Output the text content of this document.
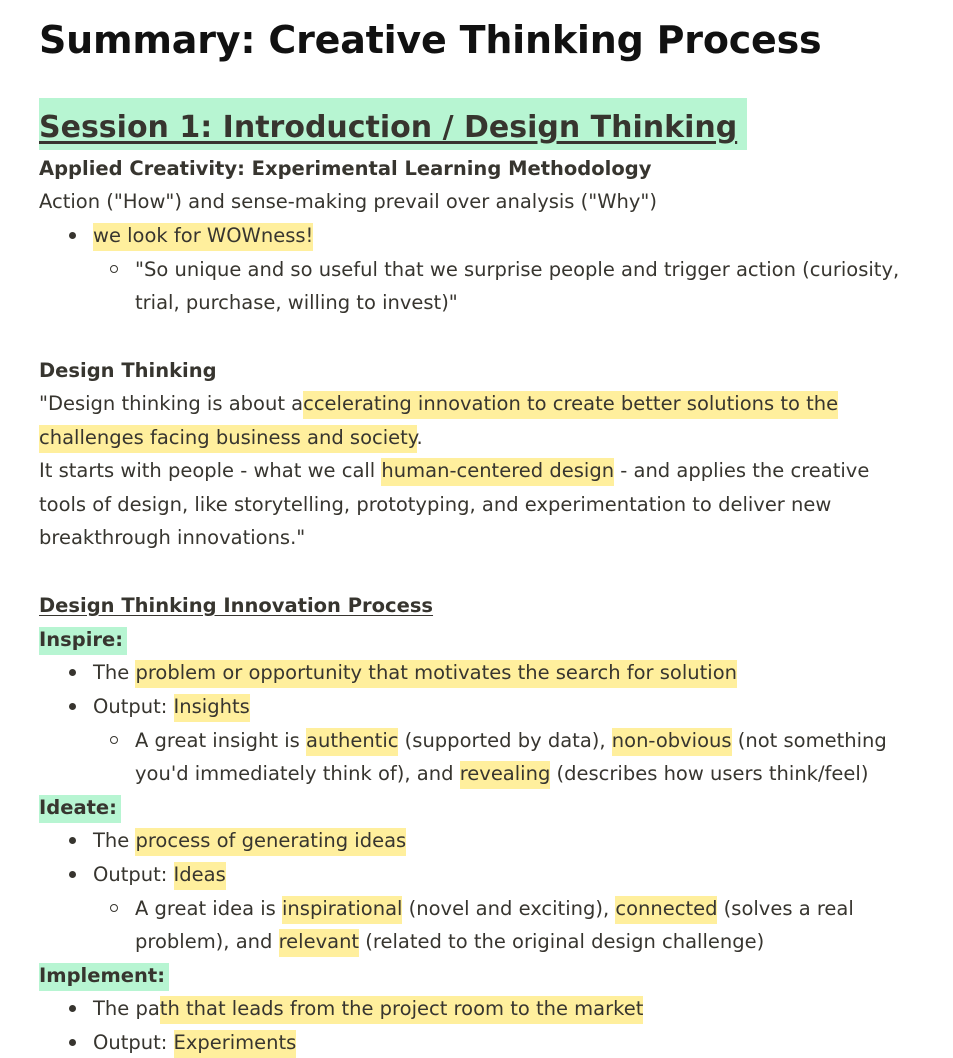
Summary: Creative Thinking Process
Session 1: Introduction / Design Thinking
Applied Creativity: Experimental Learning Methodology
Action ("How") and sense-making prevail over analysis ("Why")
we look for WOWness!
"So unique and so useful that we surprise people and trigger action (curiosity,
trial, purchase, willing to invest)"
Design Thinking
"Design thinking is about accelerating innovation to create better solutions to the
challenges facing business and society.
It starts with people - what we call human-centered design - and applies the creative
tools of design, like storytelling, prototyping, and experimentation to deliver new
breakthrough innovations."
Design Thinking Innovation Process
Inspire:
The problem or opportunity that motivates the search for solution
Output: Insights
A great insight is authentic (supported by data), non-obvious (not something
you'd immediately think of), and revealing (describes how users think/feel)
Ideate:
The process of generating ideas
Output: Ideas
A great idea is inspirational (novel and exciting), connected (solves a real
problem), and relevant (related to the original design challenge)
Implement:
The path that leads from the project room to the market
Output: Experiments
